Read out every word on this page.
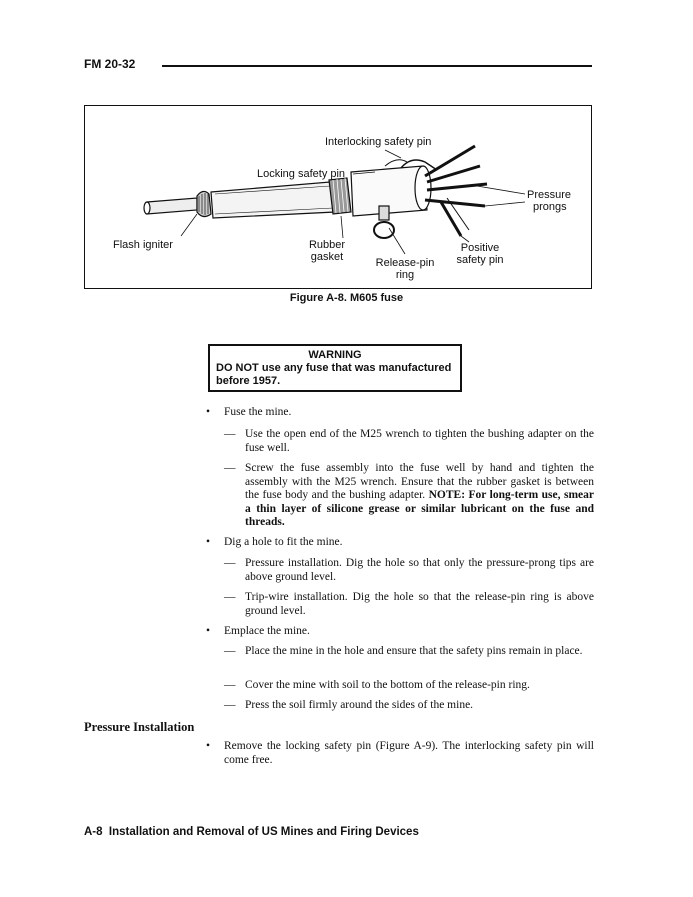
FM 20-32
Interlocking safety pin
Locking safety pin
Pressure
prongs
Flash igniter	Rubber
gasket	Release-pin
ring
Positive
safety pin
Figure A-8. M605 fuse
WARNING
DO NOT use any fuse that was manufactured before 1957.
• Fuse the mine.
— Use the open end of the M25 wrench to tighten the bushing adapter on the fuse well.
— Screw the fuse assembly into the fuse well by hand and tighten the assembly with the M25 wrench. Ensure that the rubber gasket is between the fuse body and the bushing adapter. NOTE: For long-term use, smear a thin layer of silicone grease or similar lubricant on the fuse and threads.
• Dig a hole to fit the mine.
— Pressure installation. Dig the hole so that only the pressure-prong tips are above ground level.
— Trip-wire installation. Dig the hole so that the release-pin ring is above ground level.
• Emplace the mine.
— Place the mine in the hole and ensure that the safety pins remain in place.
— Cover the mine with soil to the bottom of the release-pin ring.
— Press the soil firmly around the sides of the mine.
Pressure Installation
• Remove the locking safety pin (Figure A-9). The interlocking safety pin will come free.
A-8  Installation and Removal of US Mines and Firing Devices
